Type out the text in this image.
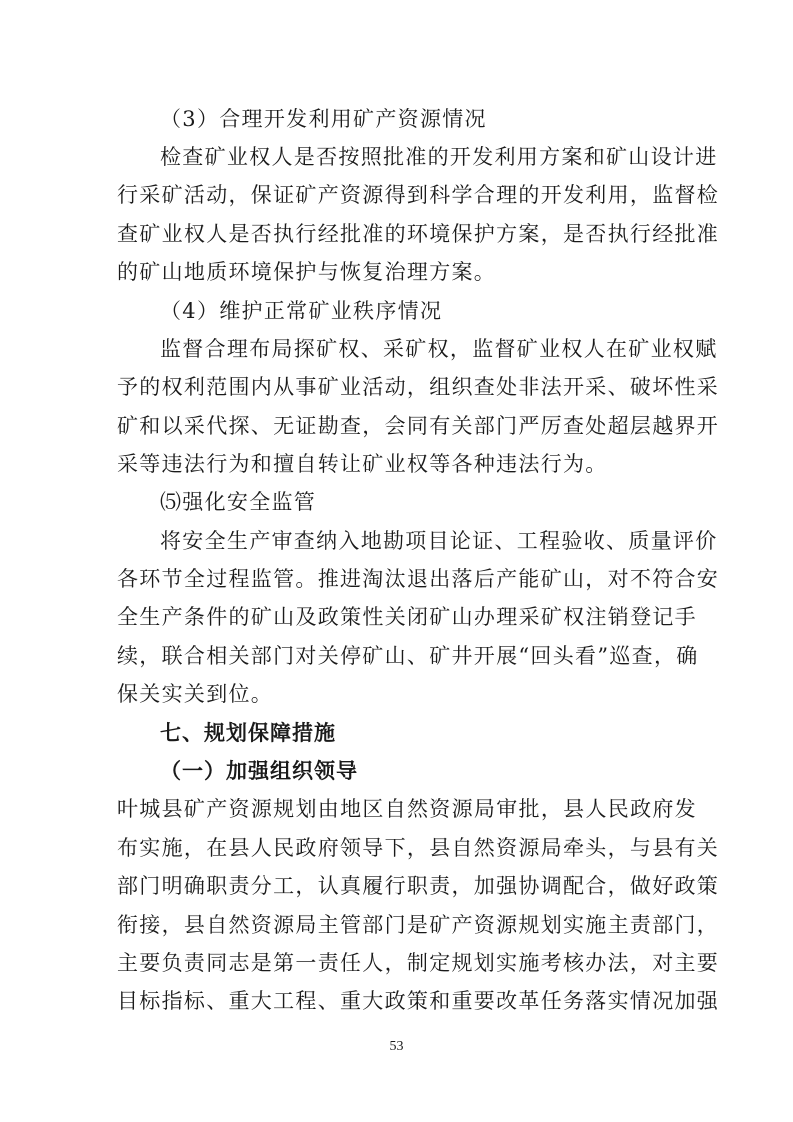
（3）合理开发利用矿产资源情况
检查矿业权人是否按照批准的开发利用方案和矿山设计进
行采矿活动，保证矿产资源得到科学合理的开发利用，监督检
查矿业权人是否执行经批准的环境保护方案，是否执行经批准
的矿山地质环境保护与恢复治理方案。
（4）维护正常矿业秩序情况
监督合理布局探矿权、采矿权，监督矿业权人在矿业权赋
予的权利范围内从事矿业活动，组织查处非法开采、破坏性采
矿和以采代探、无证勘查，会同有关部门严厉查处超层越界开
采等违法行为和擅自转让矿业权等各种违法行为。
⑸强化安全监管
将安全生产审查纳入地勘项目论证、工程验收、质量评价
各环节全过程监管。推进淘汰退出落后产能矿山，对不符合安
全生产条件的矿山及政策性关闭矿山办理采矿权注销登记手
续，联合相关部门对关停矿山、矿井开展“回头看”巡查，确
保关实关到位。
七、规划保障措施
（一）加强组织领导
叶城县矿产资源规划由地区自然资源局审批，县人民政府发
布实施，在县人民政府领导下，县自然资源局牵头，与县有关
部门明确职责分工，认真履行职责，加强协调配合，做好政策
衔接，县自然资源局主管部门是矿产资源规划实施主责部门，
主要负责同志是第一责任人，制定规划实施考核办法，对主要
目标指标、重大工程、重大政策和重要改革任务落实情况加强
53
